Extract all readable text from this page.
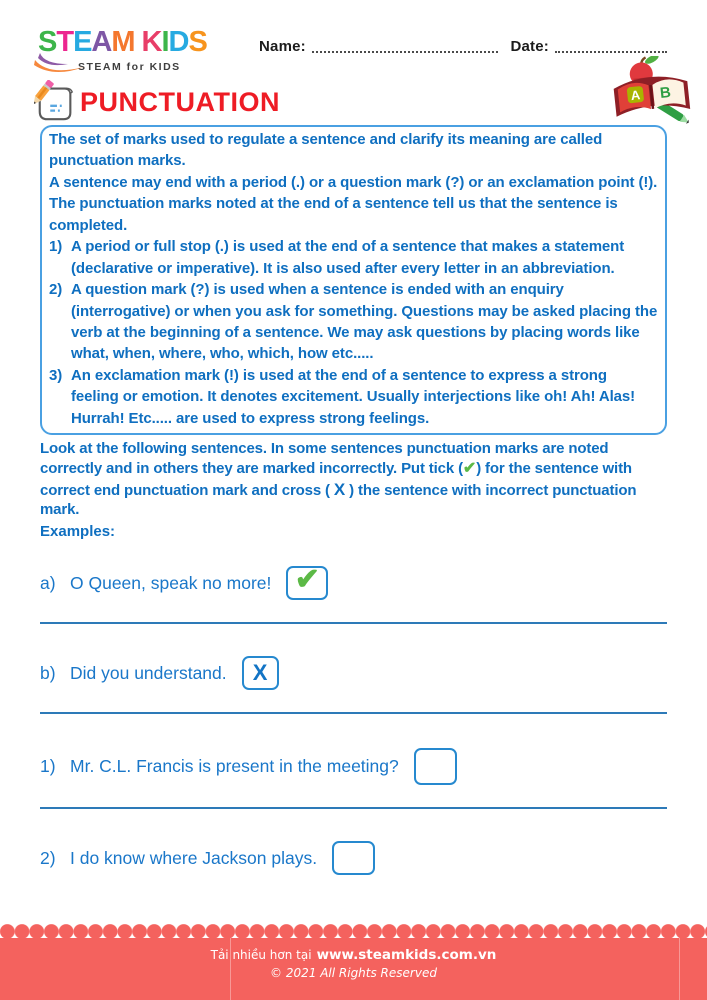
STEAM KIDS
STEAM for KIDS
Name:	Date:
A B
PUNCTUATION
The set of marks used to regulate a sentence and clarify its meaning are called punctuation marks.
A sentence may end with a period (.) or a question mark (?) or an exclamation point (!).
The punctuation marks noted at the end of a sentence tell us that the sentence is completed.
1) A period or full stop (.) is used at the end of a sentence that makes a statement (declarative or imperative). It is also used after every letter in an abbreviation.
2) A question mark (?) is used when a sentence is ended with an enquiry (interrogative) or when you ask for something. Questions may be asked placing the verb at the beginning of a sentence. We may ask questions by placing words like what, when, where, who, which, how etc.....
3) An exclamation mark (!) is used at the end of a sentence to express a strong feeling or emotion. It denotes excitement. Usually interjections like oh! Ah! Alas! Hurrah! Etc..... are used to express strong feelings.
Look at the following sentences. In some sentences punctuation marks are noted correctly and in others they are marked incorrectly. Put tick (✔) for the sentence with correct end punctuation mark and cross ( X ) the sentence with incorrect punctuation mark.
Examples:
a) O Queen, speak no more! ✔
b) Did you understand. X
1) Mr. C.L. Francis is present in the meeting?
2) I do know where Jackson plays.
Tải nhiều hơn tại www.steamkids.com.vn
© 2021 All Rights Reserved
